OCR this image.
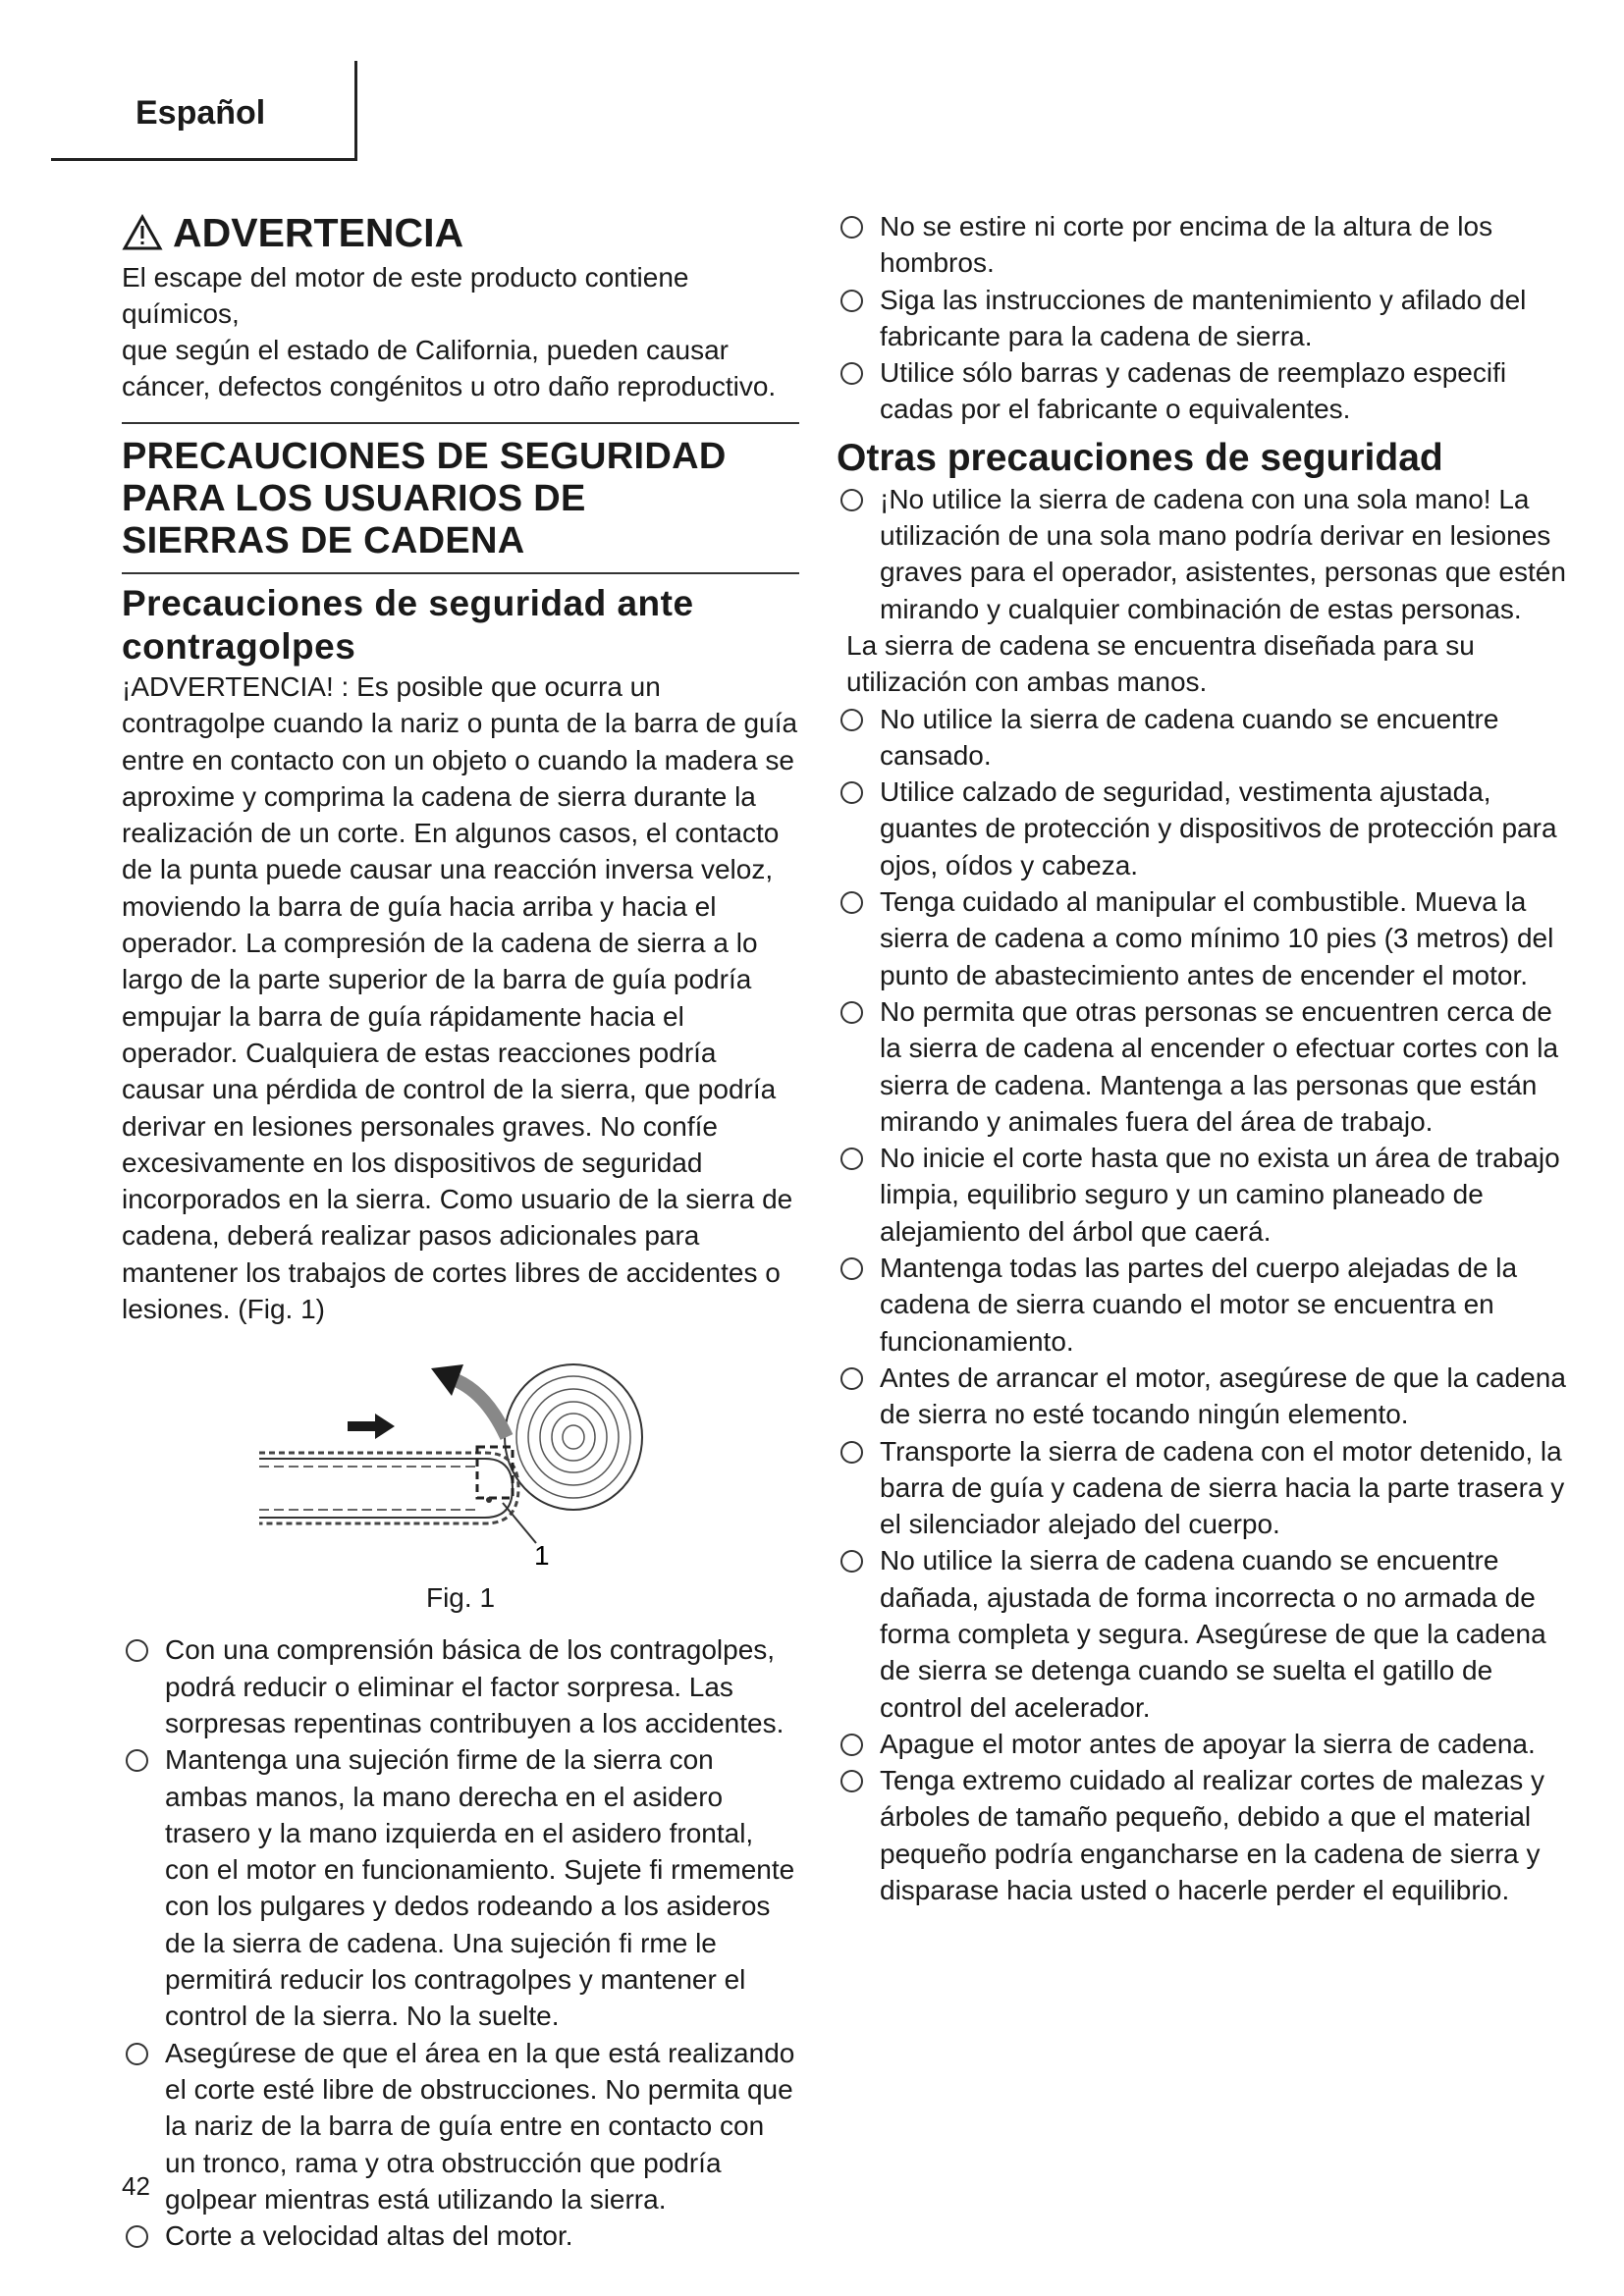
Español
ADVERTENCIA

El escape del motor de este producto contiene químicos,

que según el estado de California, pueden causar

cáncer, defectos congénitos u otro daño reproductivo.

PRECAUCIONES DE SEGURIDAD
PARA LOS USUARIOS DE
SIERRAS DE CADENA
Precauciones de seguridad ante
contragolpes

¡ADVERTENCIA! : Es posible que ocurra un contragolpe cuando la nariz o punta de la barra de guía entre en contacto con un objeto o cuando la madera se aproxime y comprima la cadena de sierra durante la realización de un corte. En algunos casos, el contacto de la punta puede causar una reacción inversa veloz, moviendo la barra de guía hacia arriba y hacia el operador. La compresión de la cadena de sierra a lo largo de la parte superior de la barra de guía podría empujar la barra de guía rápidamente hacia el operador. Cualquiera de estas reacciones podría causar una pérdida de control de la sierra, que podría derivar en lesiones personales graves. No confíe excesivamente en los dispositivos de seguridad incorporados en la sierra. Como usuario de la sierra de cadena, deberá realizar pasos adicionales para mantener los trabajos de cortes libres de accidentes o lesiones. (Fig. 1)

1
Fig. 1
Con una comprensión básica de los contragolpes, podrá reducir o eliminar el factor sorpresa. Las sorpresas repentinas contribuyen a los accidentes.
Mantenga una sujeción firme de la sierra con ambas manos, la mano derecha en el asidero trasero y la mano izquierda en el asidero frontal, con el motor en funcionamiento. Sujete fi rmemente con los pulgares y dedos rodeando a los asideros de la sierra de cadena. Una sujeción fi rme le permitirá reducir los contragolpes y mantener el control de la sierra. No la suelte.
Asegúrese de que el área en la que está realizando el corte esté libre de obstrucciones. No permita que la nariz de la barra de guía entre en contacto con un tronco, rama y otra obstrucción que podría golpear mientras está utilizando la sierra.
Corte a velocidad altas del motor.
No se estire ni corte por encima de la altura de los hombros.
Siga las instrucciones de mantenimiento y afilado del fabricante para la cadena de sierra.
Utilice sólo barras y cadenas de reemplazo especifi cadas por el fabricante o equivalentes.
Otras precauciones de seguridad
¡No utilice la sierra de cadena con una sola mano! La utilización de una sola mano podría derivar en lesiones graves para el operador, asistentes, personas que estén mirando y cualquier combinación de estas personas.

La sierra de cadena se encuentra diseñada para su utilización con ambas manos.

No utilice la sierra de cadena cuando se encuentre cansado.
Utilice calzado de seguridad, vestimenta ajustada, guantes de protección y dispositivos de protección para ojos, oídos y cabeza.
Tenga cuidado al manipular el combustible. Mueva la sierra de cadena a como mínimo 10 pies (3 metros) del punto de abastecimiento antes de encender el motor.
No permita que otras personas se encuentren cerca de la sierra de cadena al encender o efectuar cortes con la sierra de cadena. Mantenga a las personas que están mirando y animales fuera del área de trabajo.
No inicie el corte hasta que no exista un área de trabajo limpia, equilibrio seguro y un camino planeado de alejamiento del árbol que caerá.
Mantenga todas las partes del cuerpo alejadas de la cadena de sierra cuando el motor se encuentra en funcionamiento.
Antes de arrancar el motor, asegúrese de que la cadena de sierra no esté tocando ningún elemento.
Transporte la sierra de cadena con el motor detenido, la barra de guía y cadena de sierra hacia la parte trasera y el silenciador alejado del cuerpo.
No utilice la sierra de cadena cuando se encuentre dañada, ajustada de forma incorrecta o no armada de forma completa y segura. Asegúrese de que la cadena de sierra se detenga cuando se suelta el gatillo de control del acelerador.
Apague el motor antes de apoyar la sierra de cadena.
Tenga extremo cuidado al realizar cortes de malezas y árboles de tamaño pequeño, debido a que el material pequeño podría engancharse en la cadena de sierra y disparase hacia usted o hacerle perder el equilibrio.
42
